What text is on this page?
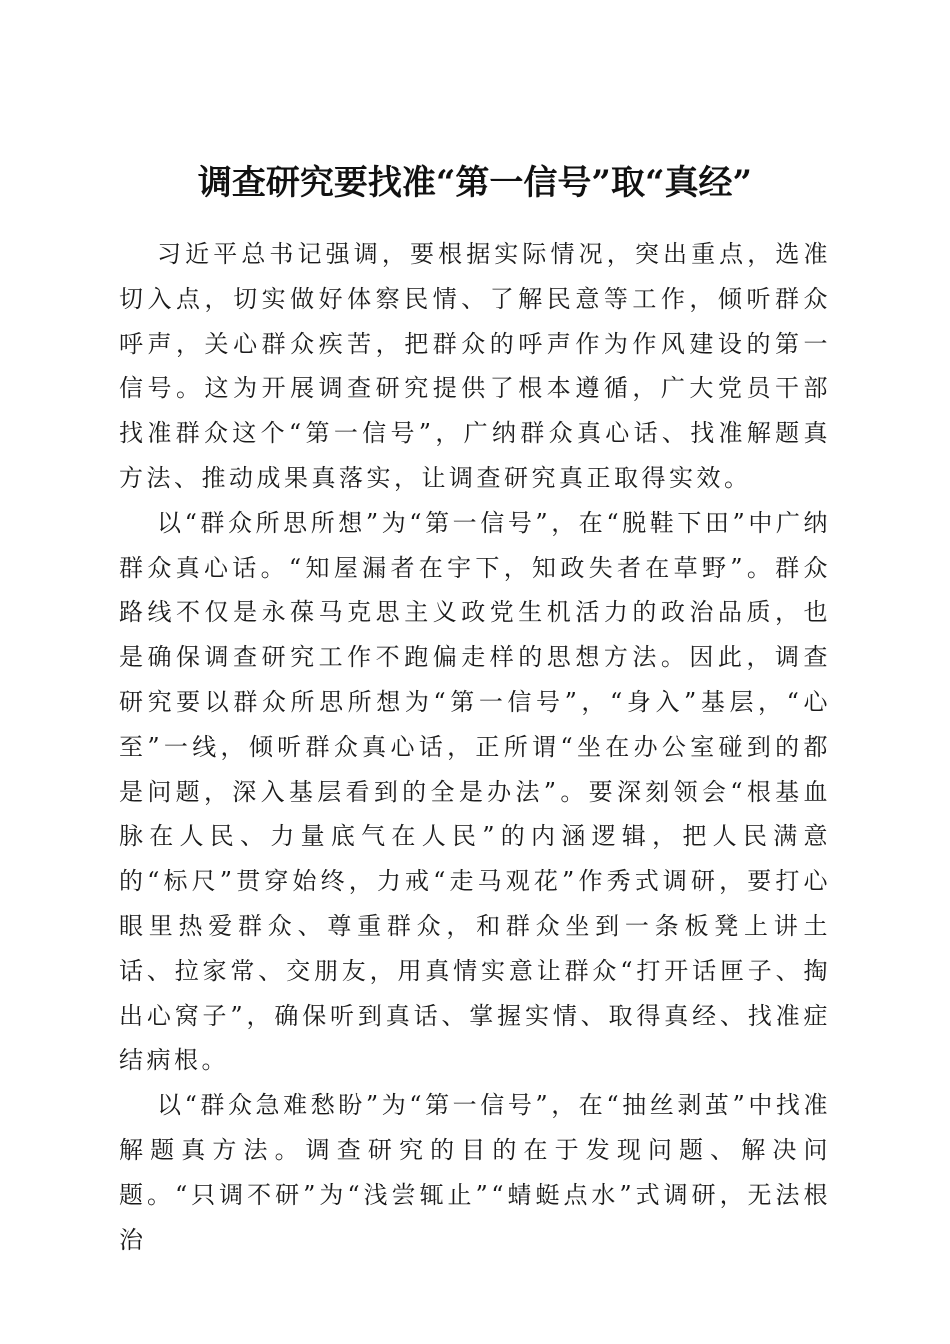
调查研究要找准“第一信号”取“真经”

习近平总书记强调，要根据实际情况，突出重点，选准切入点，切实做好体察民情、了解民意等工作，倾听群众呼声，关心群众疾苦，把群众的呼声作为作风建设的第一信号。这为开展调查研究提供了根本遵循，广大党员干部找准群众这个“第一信号”，广纳群众真心话、找准解题真方法、推动成果真落实，让调查研究真正取得实效。

以“群众所思所想”为“第一信号”，在“脱鞋下田”中广纳群众真心话。“知屋漏者在宇下，知政失者在草野”。群众路线不仅是永葆马克思主义政党生机活力的政治品质，也是确保调查研究工作不跑偏走样的思想方法。因此，调查研究要以群众所思所想为“第一信号”，“身入”基层，“心至”一线，倾听群众真心话，正所谓“坐在办公室碰到的都是问题，深入基层看到的全是办法”。要深刻领会“根基血脉在人民、力量底气在人民”的内涵逻辑，把人民满意的“标尺”贯穿始终，力戒“走马观花”作秀式调研，要打心眼里热爱群众、尊重群众，和群众坐到一条板凳上讲土话、拉家常、交朋友，用真情实意让群众“打开话匣子、掏出心窝子”，确保听到真话、掌握实情、取得真经、找准症结病根。

以“群众急难愁盼”为“第一信号”，在“抽丝剥茧”中找准解题真方法。调查研究的目的在于发现问题、解决问题。“只调不研”为“浅尝辄止”“蜻蜓点水”式调研，无法根治
